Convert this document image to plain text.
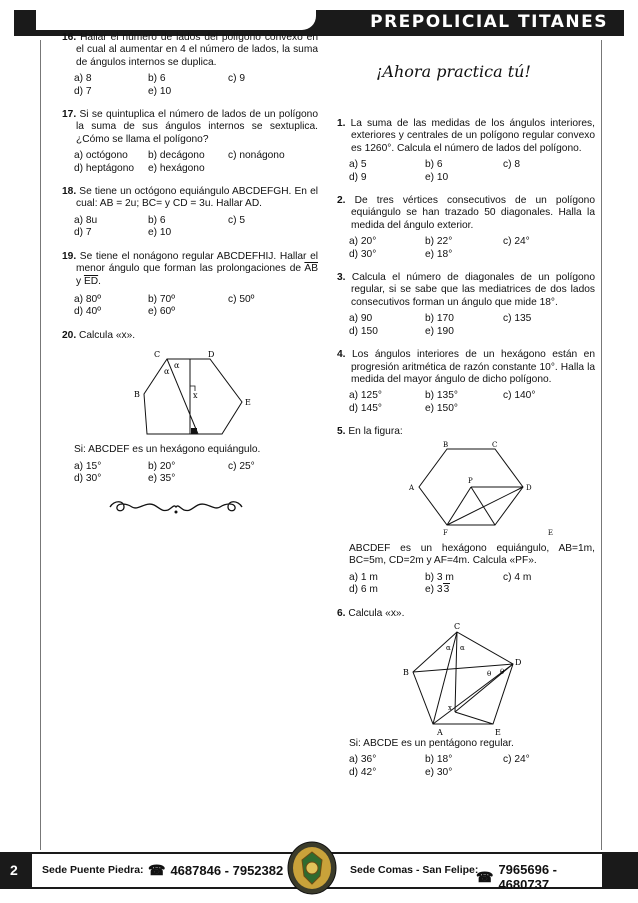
PREPOLICIAL TITANES
16. Hallar el número de lados del polígono convexo en el cual al aumentar en 4 el número de lados, la suma de ángulos internos se duplica.
a) 8	b) 6	c) 9
d) 7	e) 10
17. Si se quintuplica el número de lados de un polígono la suma de sus ángulos internos se sextuplica. ¿Cómo se llama el polígono?
a) octógono	b) decágono	c) nonágono
d) heptágono	e) hexágono
18. Se tiene un octógono equiángulo ABCDEFGH. En el cual: AB = 2u; BC= y CD = 3u. Hallar AD.
a) 8u	b) 6	c) 5
d) 7	e) 10
19. Se tiene el nonágono regular ABCDEFHIJ. Hallar el menor ángulo que forman las prolongaciones de $\overline{AB}$ y $\overline{ED}$.
a) 80º	b) 70º	c) 50º
d) 40º	e) 60º
20. Calcula «x».
C	D
E
B
α
α
x
Si: ABCDEF es un hexágono equiángulo.
a) 15°	b) 20°	c) 25°
d) 30°	e) 35°
¡Ahora practica tú!
1. La suma de las medidas de los ángulos interiores, exteriores y centrales de un polígono regular convexo es 1260°. Calcula el número de lados del polígono.
a) 5	b) 6	c) 8
d) 9	e) 10
2. De tres vértices consecutivos de un polígono equiángulo se han trazado 50 diagonales. Halla la medida del ángulo exterior.
a) 20°	b) 22°	c) 24°
d) 30°	e) 18°
3. Calcula el número de diagonales de un polígono regular, si se sabe que las mediatrices de dos lados consecutivos forman un ángulo que mide 18°.
a) 90	b) 170	c) 135
d) 150	e) 190
4. Los ángulos interiores de un hexágono están en progresión aritmética de razón constante 10°. Halla la medida del mayor ángulo de dicho polígono.
a) 125°	b) 135°	c) 140°
d) 145°	e) 150°
5. En la figura:
B	C
A	D
P
F	E
ABCDEF es un hexágono equiángulo, AB=1m, BC=5m, CD=2m y AF=4m. Calcula «PF».
a) 1 m	b) 3 m	c) 4 m
d) 6 m	e) 33
6. Calcula «x».
C
D
B
A	E
α α
θ θ
x
Si: ABCDE es un pentágono regular.
a) 36°	b) 18°	c) 24°
d) 42°	e) 30°
2 Sede Puente Piedra: ☎ 4687846 - 7952382	Sede Comas - San Felipe:
☎ 7965696 - 4680737
